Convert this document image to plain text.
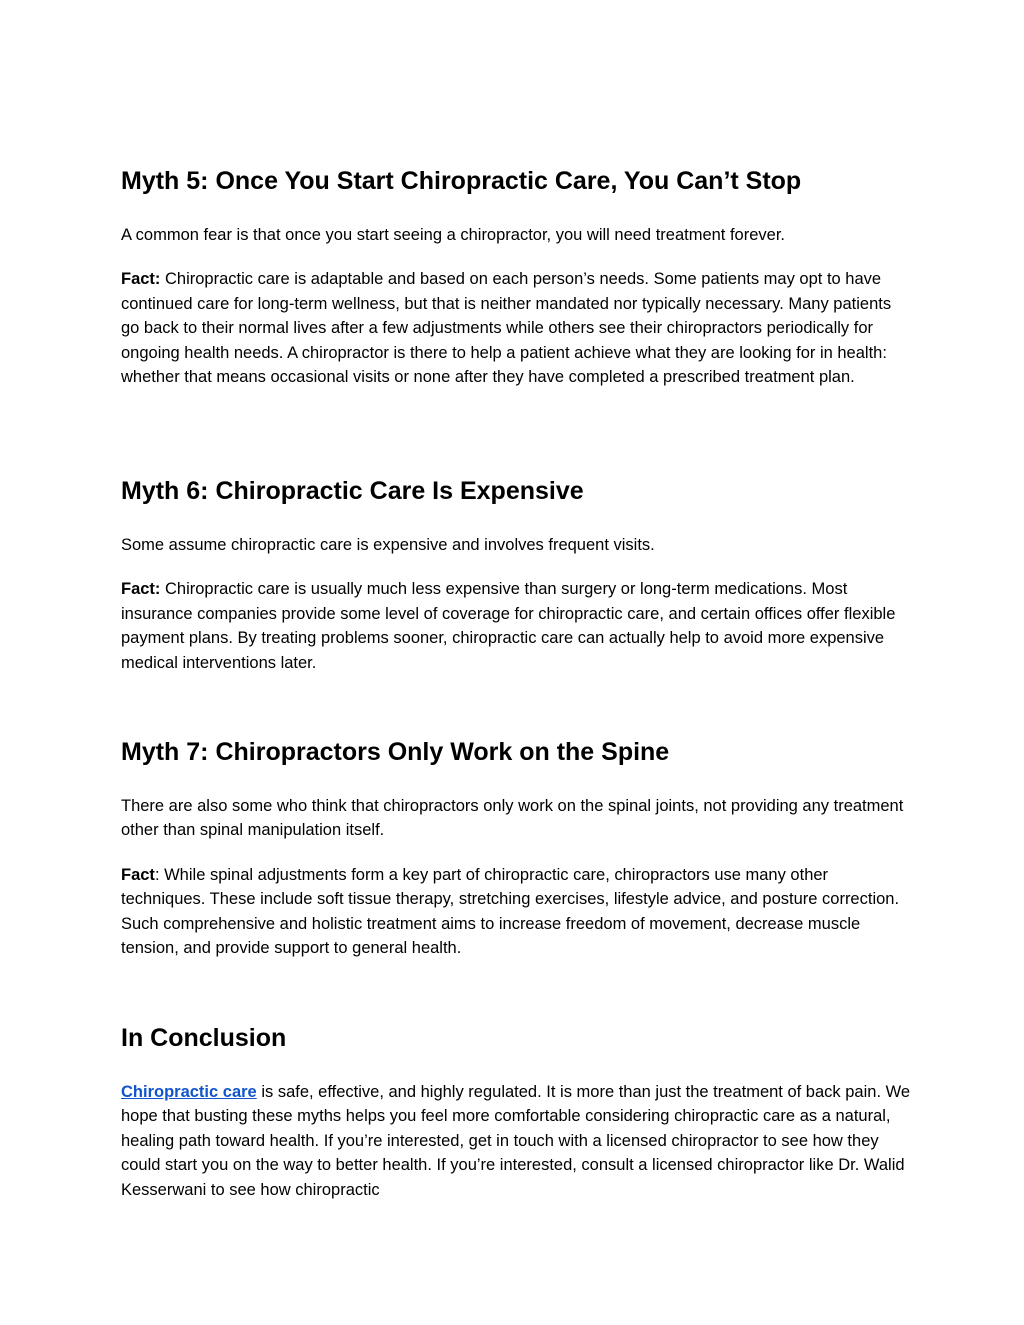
Myth 5: Once You Start Chiropractic Care, You Can’t Stop

A common fear is that once you start seeing a chiropractor, you will need treatment forever.

Fact: Chiropractic care is adaptable and based on each person’s needs. Some patients may opt to have continued care for long-term wellness, but that is neither mandated nor typically necessary. Many patients go back to their normal lives after a few adjustments while others see their chiropractors periodically for ongoing health needs. A chiropractor is there to help a patient achieve what they are looking for in health: whether that means occasional visits or none after they have completed a prescribed treatment plan.

Myth 6: Chiropractic Care Is Expensive

Some assume chiropractic care is expensive and involves frequent visits.

Fact: Chiropractic care is usually much less expensive than surgery or long-term medications. Most insurance companies provide some level of coverage for chiropractic care, and certain offices offer flexible payment plans. By treating problems sooner, chiropractic care can actually help to avoid more expensive medical interventions later.

Myth 7: Chiropractors Only Work on the Spine

There are also some who think that chiropractors only work on the spinal joints, not providing any treatment other than spinal manipulation itself.

Fact: While spinal adjustments form a key part of chiropractic care, chiropractors use many other techniques. These include soft tissue therapy, stretching exercises, lifestyle advice, and posture correction. Such comprehensive and holistic treatment aims to increase freedom of movement, decrease muscle tension, and provide support to general health.

In Conclusion

Chiropractic care is safe, effective, and highly regulated. It is more than just the treatment of back pain. We hope that busting these myths helps you feel more comfortable considering chiropractic care as a natural, healing path toward health. If you’re interested, get in touch with a licensed chiropractor to see how they could start you on the way to better health. If you’re interested, consult a licensed chiropractor like Dr. Walid Kesserwani to see how chiropractic
